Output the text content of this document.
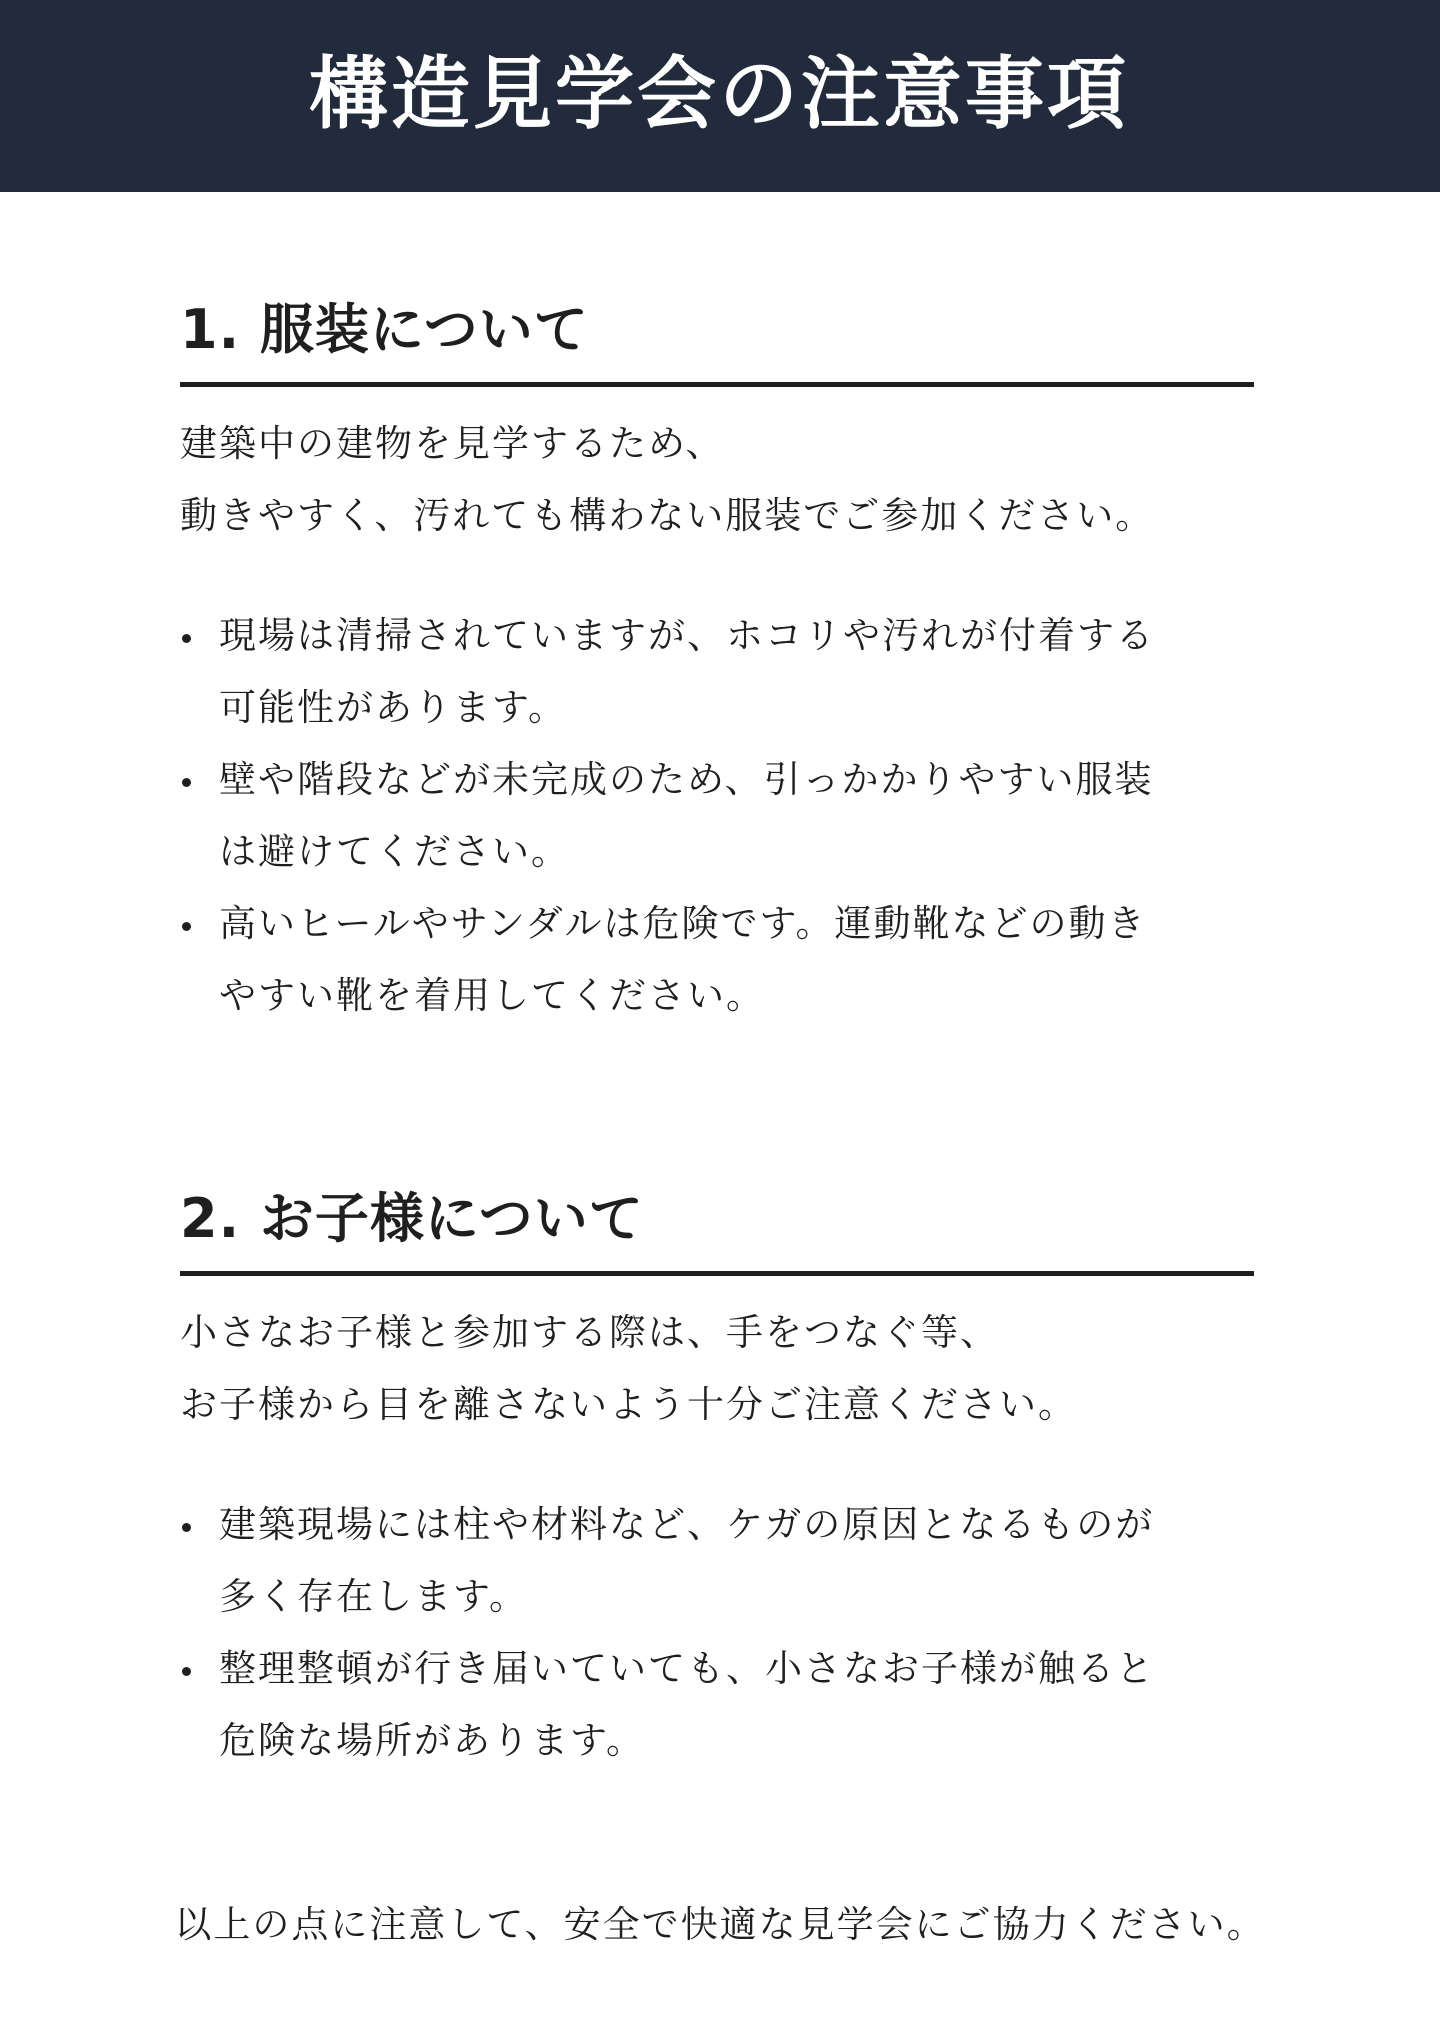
構造見学会の注意事項
1. 服装について

建築中の建物を見学するため、
動きやすく、汚れても構わない服装でご参加ください。

現場は清掃されていますが、ホコリや汚れが付着する
可能性があります。
壁や階段などが未完成のため、引っかかりやすい服装
は避けてください。
高いヒールやサンダルは危険です。運動靴などの動き
やすい靴を着用してください。
2. お子様について

小さなお子様と参加する際は、手をつなぐ等、
お子様から目を離さないよう十分ご注意ください。

建築現場には柱や材料など、ケガの原因となるものが
多く存在します。
整理整頓が行き届いていても、小さなお子様が触ると
危険な場所があります。

以上の点に注意して、安全で快適な見学会にご協力ください。
